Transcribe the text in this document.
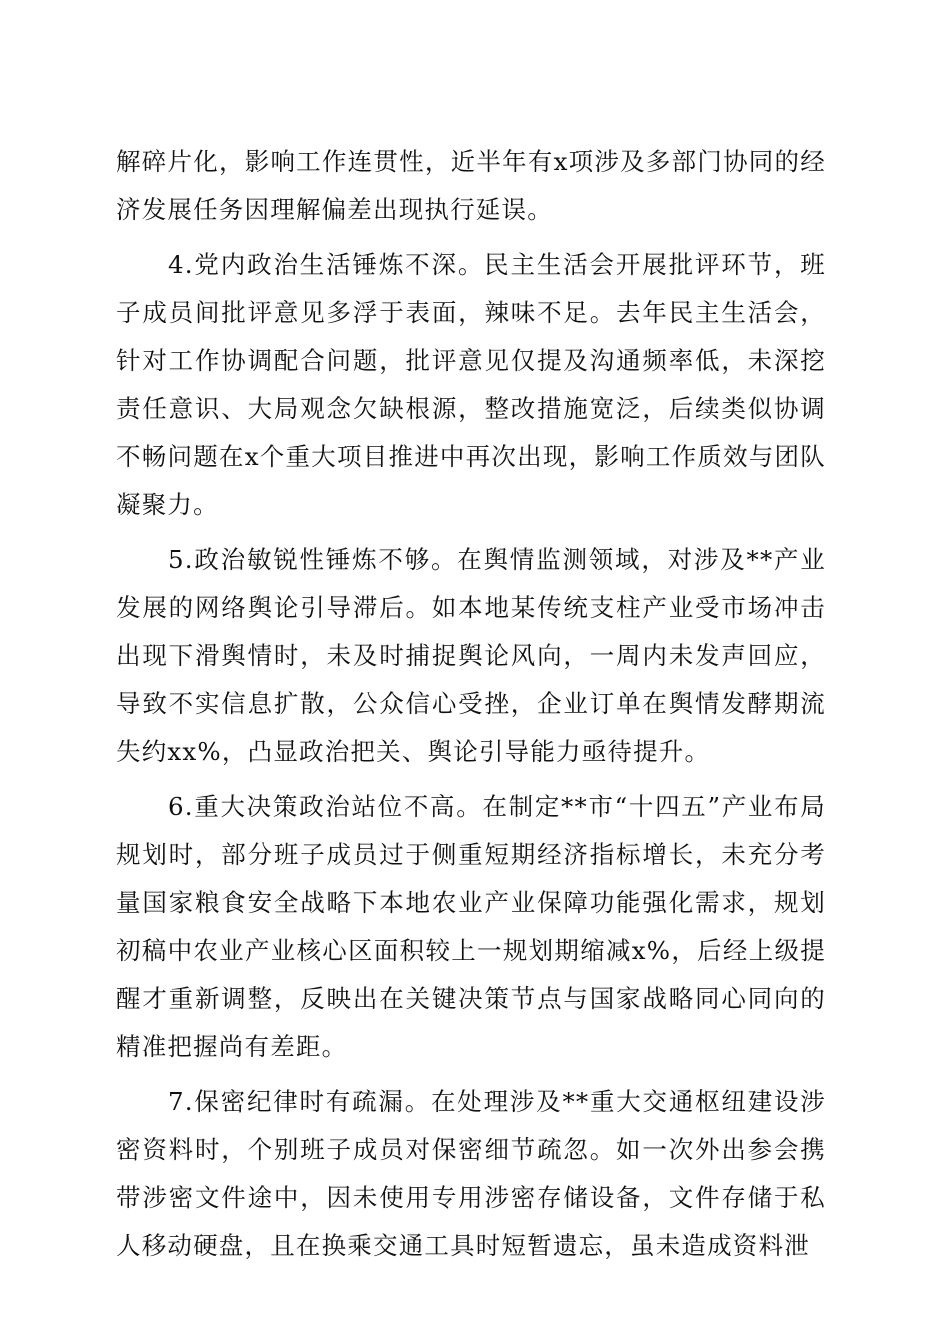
解碎片化，影响工作连贯性，近半年有x项涉及多部门协同的经济发展任务因理解偏差出现执行延误。

4.党内政治生活锤炼不深。民主生活会开展批评环节，班子成员间批评意见多浮于表面，辣味不足。去年民主生活会，针对工作协调配合问题，批评意见仅提及沟通频率低，未深挖责任意识、大局观念欠缺根源，整改措施宽泛，后续类似协调不畅问题在x个重大项目推进中再次出现，影响工作质效与团队凝聚力。

5.政治敏锐性锤炼不够。在舆情监测领域，对涉及**产业发展的网络舆论引导滞后。如本地某传统支柱产业受市场冲击出现下滑舆情时，未及时捕捉舆论风向，一周内未发声回应，导致不实信息扩散，公众信心受挫，企业订单在舆情发酵期流失约xx%，凸显政治把关、舆论引导能力亟待提升。

6.重大决策政治站位不高。在制定**市“十四五”产业布局规划时，部分班子成员过于侧重短期经济指标增长，未充分考量国家粮食安全战略下本地农业产业保障功能强化需求，规划初稿中农业产业核心区面积较上一规划期缩减x%，后经上级提醒才重新调整，反映出在关键决策节点与国家战略同心同向的精准把握尚有差距。

7.保密纪律时有疏漏。在处理涉及**重大交通枢纽建设涉密资料时，个别班子成员对保密细节疏忽。如一次外出参会携带涉密文件途中，因未使用专用涉密存储设备，文件存储于私人移动硬盘，且在换乘交通工具时短暂遗忘，虽未造成资料泄
